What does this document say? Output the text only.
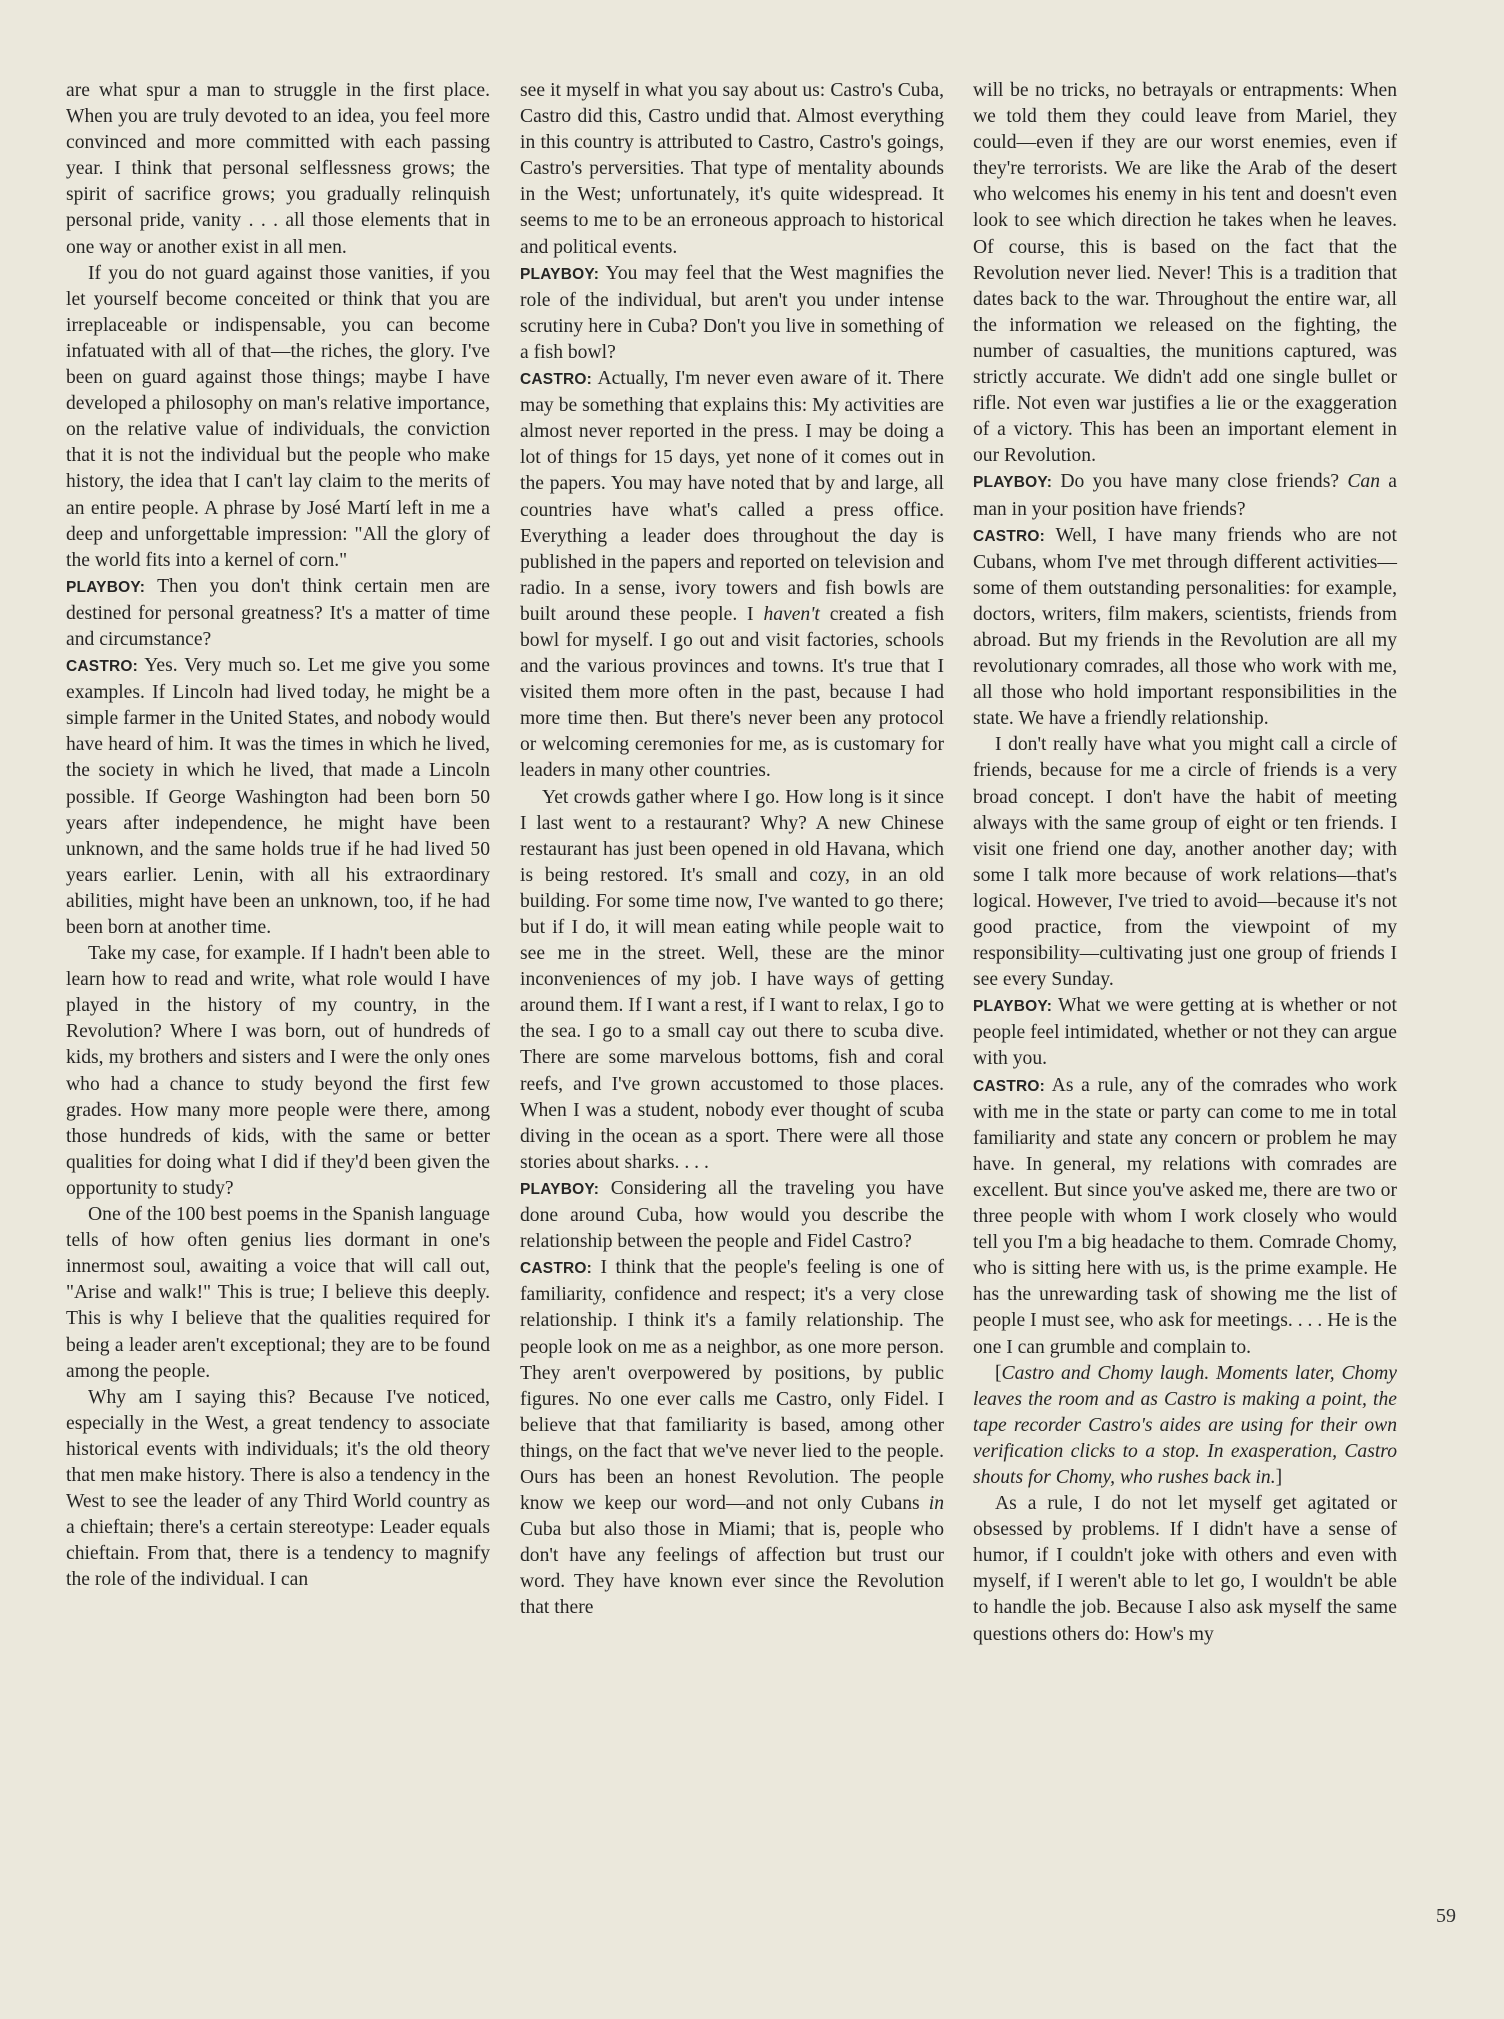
are what spur a man to struggle in the first place. When you are truly devoted to an idea, you feel more convinced and more committed with each passing year. I think that personal selflessness grows; the spirit of sacrifice grows; you gradually relinquish personal pride, vanity . . . all those elements that in one way or another exist in all men.

If you do not guard against those vanities, if you let yourself become conceited or think that you are irreplaceable or indispensable, you can become infatuated with all of that—the riches, the glory. I've been on guard against those things; maybe I have developed a philosophy on man's relative importance, on the relative value of individuals, the conviction that it is not the individual but the people who make history, the idea that I can't lay claim to the merits of an entire people. A phrase by José Martí left in me a deep and unforgettable impression: "All the glory of the world fits into a kernel of corn."

PLAYBOY: Then you don't think certain men are destined for personal greatness? It's a matter of time and circumstance?

CASTRO: Yes. Very much so. Let me give you some examples. If Lincoln had lived today, he might be a simple farmer in the United States, and nobody would have heard of him. It was the times in which he lived, the society in which he lived, that made a Lincoln possible. If George Washington had been born 50 years after independence, he might have been unknown, and the same holds true if he had lived 50 years earlier. Lenin, with all his extraordinary abilities, might have been an unknown, too, if he had been born at another time.

Take my case, for example. If I hadn't been able to learn how to read and write, what role would I have played in the history of my country, in the Revolution? Where I was born, out of hundreds of kids, my brothers and sisters and I were the only ones who had a chance to study beyond the first few grades. How many more people were there, among those hundreds of kids, with the same or better qualities for doing what I did if they'd been given the opportunity to study?

One of the 100 best poems in the Spanish language tells of how often genius lies dormant in one's innermost soul, awaiting a voice that will call out, "Arise and walk!" This is true; I believe this deeply. This is why I believe that the qualities required for being a leader aren't exceptional; they are to be found among the people.

Why am I saying this? Because I've noticed, especially in the West, a great tendency to associate historical events with individuals; it's the old theory that men make history. There is also a tendency in the West to see the leader of any Third World country as a chieftain; there's a certain stereotype: Leader equals chieftain. From that, there is a tendency to magnify the role of the individual. I can

see it myself in what you say about us: Castro's Cuba, Castro did this, Castro undid that. Almost everything in this country is attributed to Castro, Castro's goings, Castro's perversities. That type of mentality abounds in the West; unfortunately, it's quite widespread. It seems to me to be an erroneous approach to historical and political events.

PLAYBOY: You may feel that the West magnifies the role of the individual, but aren't you under intense scrutiny here in Cuba? Don't you live in something of a fish bowl?

CASTRO: Actually, I'm never even aware of it. There may be something that explains this: My activities are almost never reported in the press. I may be doing a lot of things for 15 days, yet none of it comes out in the papers. You may have noted that by and large, all countries have what's called a press office. Everything a leader does throughout the day is published in the papers and reported on television and radio. In a sense, ivory towers and fish bowls are built around these people. I haven't created a fish bowl for myself. I go out and visit factories, schools and the various provinces and towns. It's true that I visited them more often in the past, because I had more time then. But there's never been any protocol or welcoming ceremonies for me, as is customary for leaders in many other countries.

Yet crowds gather where I go. How long is it since I last went to a restaurant? Why? A new Chinese restaurant has just been opened in old Havana, which is being restored. It's small and cozy, in an old building. For some time now, I've wanted to go there; but if I do, it will mean eating while people wait to see me in the street. Well, these are the minor inconveniences of my job. I have ways of getting around them. If I want a rest, if I want to relax, I go to the sea. I go to a small cay out there to scuba dive. There are some marvelous bottoms, fish and coral reefs, and I've grown accustomed to those places. When I was a student, nobody ever thought of scuba diving in the ocean as a sport. There were all those stories about sharks. . . .

PLAYBOY: Considering all the traveling you have done around Cuba, how would you describe the relationship between the people and Fidel Castro?

CASTRO: I think that the people's feeling is one of familiarity, confidence and respect; it's a very close relationship. I think it's a family relationship. The people look on me as a neighbor, as one more person. They aren't overpowered by positions, by public figures. No one ever calls me Castro, only Fidel. I believe that that familiarity is based, among other things, on the fact that we've never lied to the people. Ours has been an honest Revolution. The people know we keep our word—and not only Cubans in Cuba but also those in Miami; that is, people who don't have any feelings of affection but trust our word. They have known ever since the Revolution that there

will be no tricks, no betrayals or entrapments: When we told them they could leave from Mariel, they could—even if they are our worst enemies, even if they're terrorists. We are like the Arab of the desert who welcomes his enemy in his tent and doesn't even look to see which direction he takes when he leaves. Of course, this is based on the fact that the Revolution never lied. Never! This is a tradition that dates back to the war. Throughout the entire war, all the information we released on the fighting, the number of casualties, the munitions captured, was strictly accurate. We didn't add one single bullet or rifle. Not even war justifies a lie or the exaggeration of a victory. This has been an important element in our Revolution.

PLAYBOY: Do you have many close friends? Can a man in your position have friends?

CASTRO: Well, I have many friends who are not Cubans, whom I've met through different activities—some of them outstanding personalities: for example, doctors, writers, film makers, scientists, friends from abroad. But my friends in the Revolution are all my revolutionary comrades, all those who work with me, all those who hold important responsibilities in the state. We have a friendly relationship.

I don't really have what you might call a circle of friends, because for me a circle of friends is a very broad concept. I don't have the habit of meeting always with the same group of eight or ten friends. I visit one friend one day, another another day; with some I talk more because of work relations—that's logical. However, I've tried to avoid—because it's not good practice, from the viewpoint of my responsibility—cultivating just one group of friends I see every Sunday.

PLAYBOY: What we were getting at is whether or not people feel intimidated, whether or not they can argue with you.

CASTRO: As a rule, any of the comrades who work with me in the state or party can come to me in total familiarity and state any concern or problem he may have. In general, my relations with comrades are excellent. But since you've asked me, there are two or three people with whom I work closely who would tell you I'm a big headache to them. Comrade Chomy, who is sitting here with us, is the prime example. He has the unrewarding task of showing me the list of people I must see, who ask for meetings. . . . He is the one I can grumble and complain to.

[Castro and Chomy laugh. Moments later, Chomy leaves the room and as Castro is making a point, the tape recorder Castro's aides are using for their own verification clicks to a stop. In exasperation, Castro shouts for Chomy, who rushes back in.]

As a rule, I do not let myself get agitated or obsessed by problems. If I didn't have a sense of humor, if I couldn't joke with others and even with myself, if I weren't able to let go, I wouldn't be able to handle the job. Because I also ask myself the same questions others do: How's my

59
